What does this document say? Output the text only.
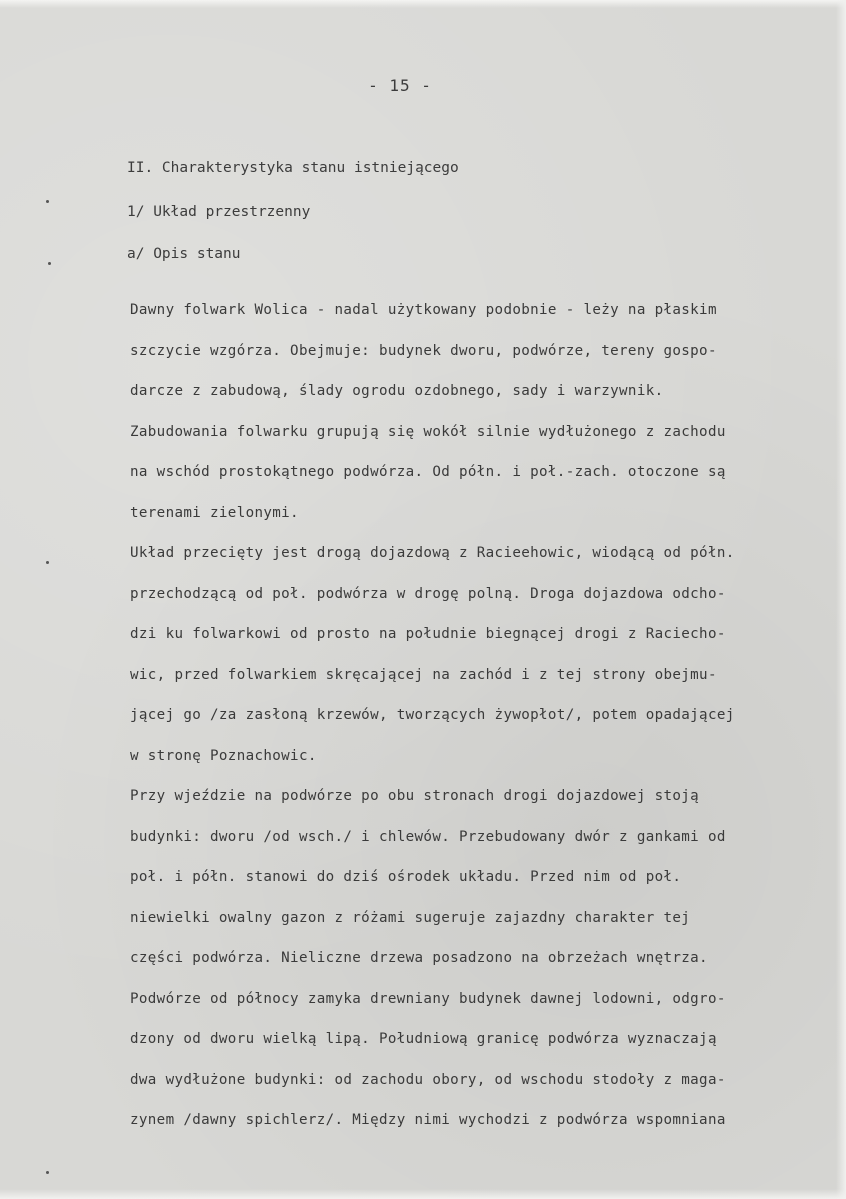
- 15 -
II. Charakterystyka stanu istniejącego
1/ Układ przestrzenny
a/ Opis stanu
Dawny folwark Wolica - nadal użytkowany podobnie - leży na płaskim
szczycie wzgórza. Obejmuje: budynek dworu, podwórze, tereny gospo-
darcze z zabudową, ślady ogrodu ozdobnego, sady i warzywnik.
Zabudowania folwarku grupują się wokół silnie wydłużonego z zachodu
na wschód prostokątnego podwórza. Od półn. i poł.-zach. otoczone są
terenami zielonymi.
Układ przecięty jest drogą dojazdową z Racieehowic, wiodącą od półn.
przechodzącą od poł. podwórza w drogę polną. Droga dojazdowa odcho-
dzi ku folwarkowi od prosto na południe biegnącej drogi z Raciecho-
wic, przed folwarkiem skręcającej na zachód i z tej strony obejmu-
jącej go /za zasłoną krzewów, tworzących żywopłot/, potem opadającej
w stronę Poznachowic.
Przy wjeździe na podwórze po obu stronach drogi dojazdowej stoją
budynki: dworu /od wsch./ i chlewów. Przebudowany dwór z gankami od
poł. i półn. stanowi do dziś ośrodek układu. Przed nim od poł.
niewielki owalny gazon z różami sugeruje zajazdny charakter tej
części podwórza. Nieliczne drzewa posadzono na obrzeżach wnętrza.
Podwórze od północy zamyka drewniany budynek dawnej lodowni, odgro-
dzony od dworu wielką lipą. Południową granicę podwórza wyznaczają
dwa wydłużone budynki: od zachodu obory, od wschodu stodoły z maga-
zynem /dawny spichlerz/. Między nimi wychodzi z podwórza wspomniana
